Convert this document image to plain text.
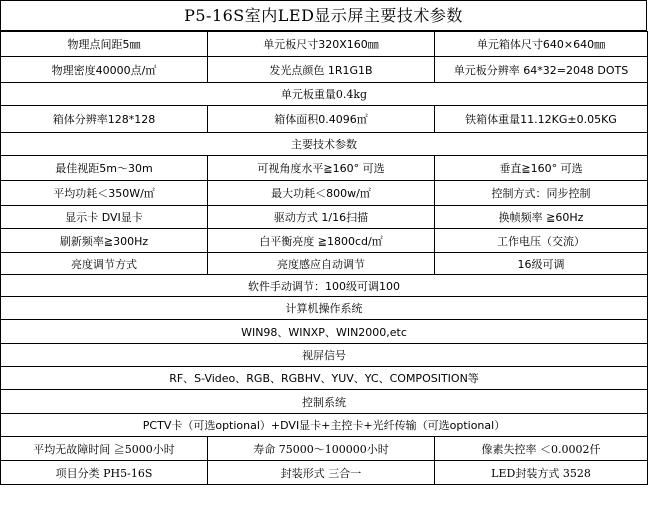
P5-16S室内LED显示屏主要技术参数
物理点间距5㎜	单元板尺寸320X160㎜	单元箱体尺寸640×640㎜
物理密度40000点/㎡	发光点颜色 1R1G1B	单元板分辨率 64*32=2048 DOTS
单元板重量0.4kg		
箱体分辨率128*128	箱体面积0.4096㎡	铁箱体重量11.12KG±0.05KG
主要技术参数		
最佳视距5m～30m	可视角度水平≧160° 可选	垂直≧160° 可选
平均功耗＜350W/㎡	最大功耗＜800w/㎡	控制方式：同步控制
显示卡 DVI显卡	驱动方式 1/16扫描	换帧频率 ≧60Hz
刷新频率≧300Hz	白平衡亮度 ≧1800cd/㎡	工作电压（交流）
亮度调节方式	亮度感应自动调节	16级可调
软件手动调节：100级可调100		
计算机操作系统		
WIN98、WINXP、WIN2000,etc		
视屏信号		
RF、S-Video、RGB、RGBHV、YUV、YC、COMPOSITION等		
控制系统		
PCTV卡（可选optional）+DVI显卡+主控卡+光纤传输（可选optional）		
平均无故障时间 ≧5000小时	寿命 75000～100000小时	像素失控率 ＜0.0002仟
项目分类 PH5-16S	封装形式 三合一	LED封装方式 3528
